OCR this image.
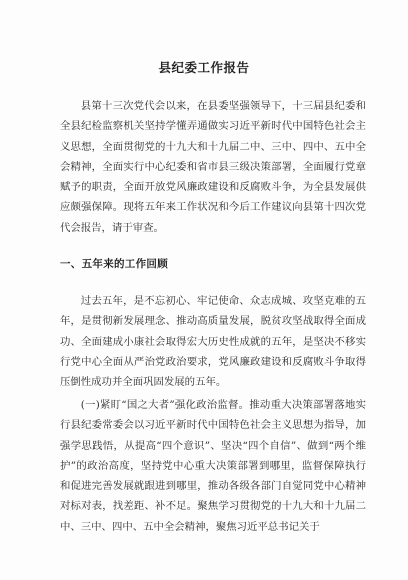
县纪委工作报告

县第十三次党代会以来，在县委坚强领导下，十三届县纪委和全县纪检监察机关坚持学懂弄通做实习近平新时代中国特色社会主义思想，全面贯彻党的十九大和十九届二中、三中、四中、五中全会精神，全面实行中心纪委和省市县三级决策部署，全面履行党章赋予的职责，全面开放党风廉政建设和反腐败斗争，为全县发展供应颇强保障。现将五年来工作状况和今后工作建议向县第十四次党代会报告，请于审查。

一、五年来的工作回顾

过去五年，是不忘初心、牢记使命、众志成城、攻坚克难的五年，是贯彻新发展理念、推动高质量发展，脱贫攻坚战取得全面成功、全面建成小康社会取得宏大历史性成就的五年，是坚决不移实行党中心全面从严治党政治要求，党风廉政建设和反腐败斗争取得压倒性成功并全面巩固发展的五年。

(一)紧盯“国之大者”强化政治监督。推动重大决策部署落地实行县纪委常委会以习近平新时代中国特色社会主义思想为指导，加强学思践悟，从提高“四个意识”、坚决“四个自信”、做到“两个维护”的政治高度，坚持党中心重大决策部署到哪里，监督保障执行和促进完善发展就跟进到哪里，推动各级各部门自觉同党中心精神对标对表，找差距、补不足。聚焦学习贯彻党的十九大和十九届二中、三中、四中、五中全会精神，聚焦习近平总书记关于
